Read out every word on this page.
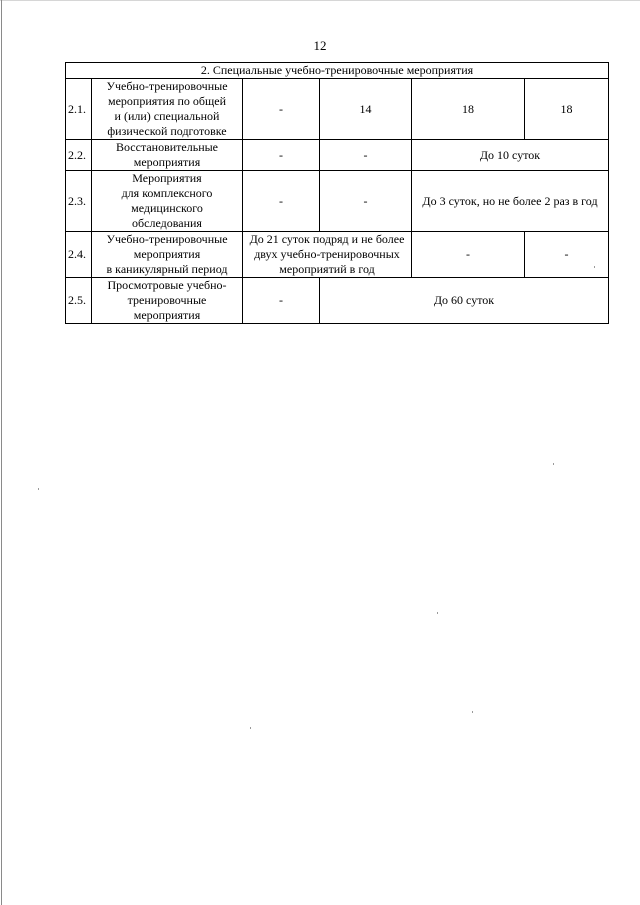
12
2. Специальные учебно-тренировочные мероприятия					
2.1.	Учебно-тренировочные
мероприятия по общей
и (или) специальной
физической подготовке	-	14	18	18
2.2.	Восстановительные
мероприятия	-	-	До 10 суток	
2.3.	Мероприятия
для комплексного
медицинского
обследования	-	-	До 3 суток, но не более 2 раз в год	
2.4.	Учебно-тренировочные
мероприятия
в каникулярный период	До 21 суток подряд и не более
двух учебно-тренировочных
мероприятий в год		-	-
2.5.	Просмотровые учебно-
тренировочные
мероприятия	-	До 60 суток		
